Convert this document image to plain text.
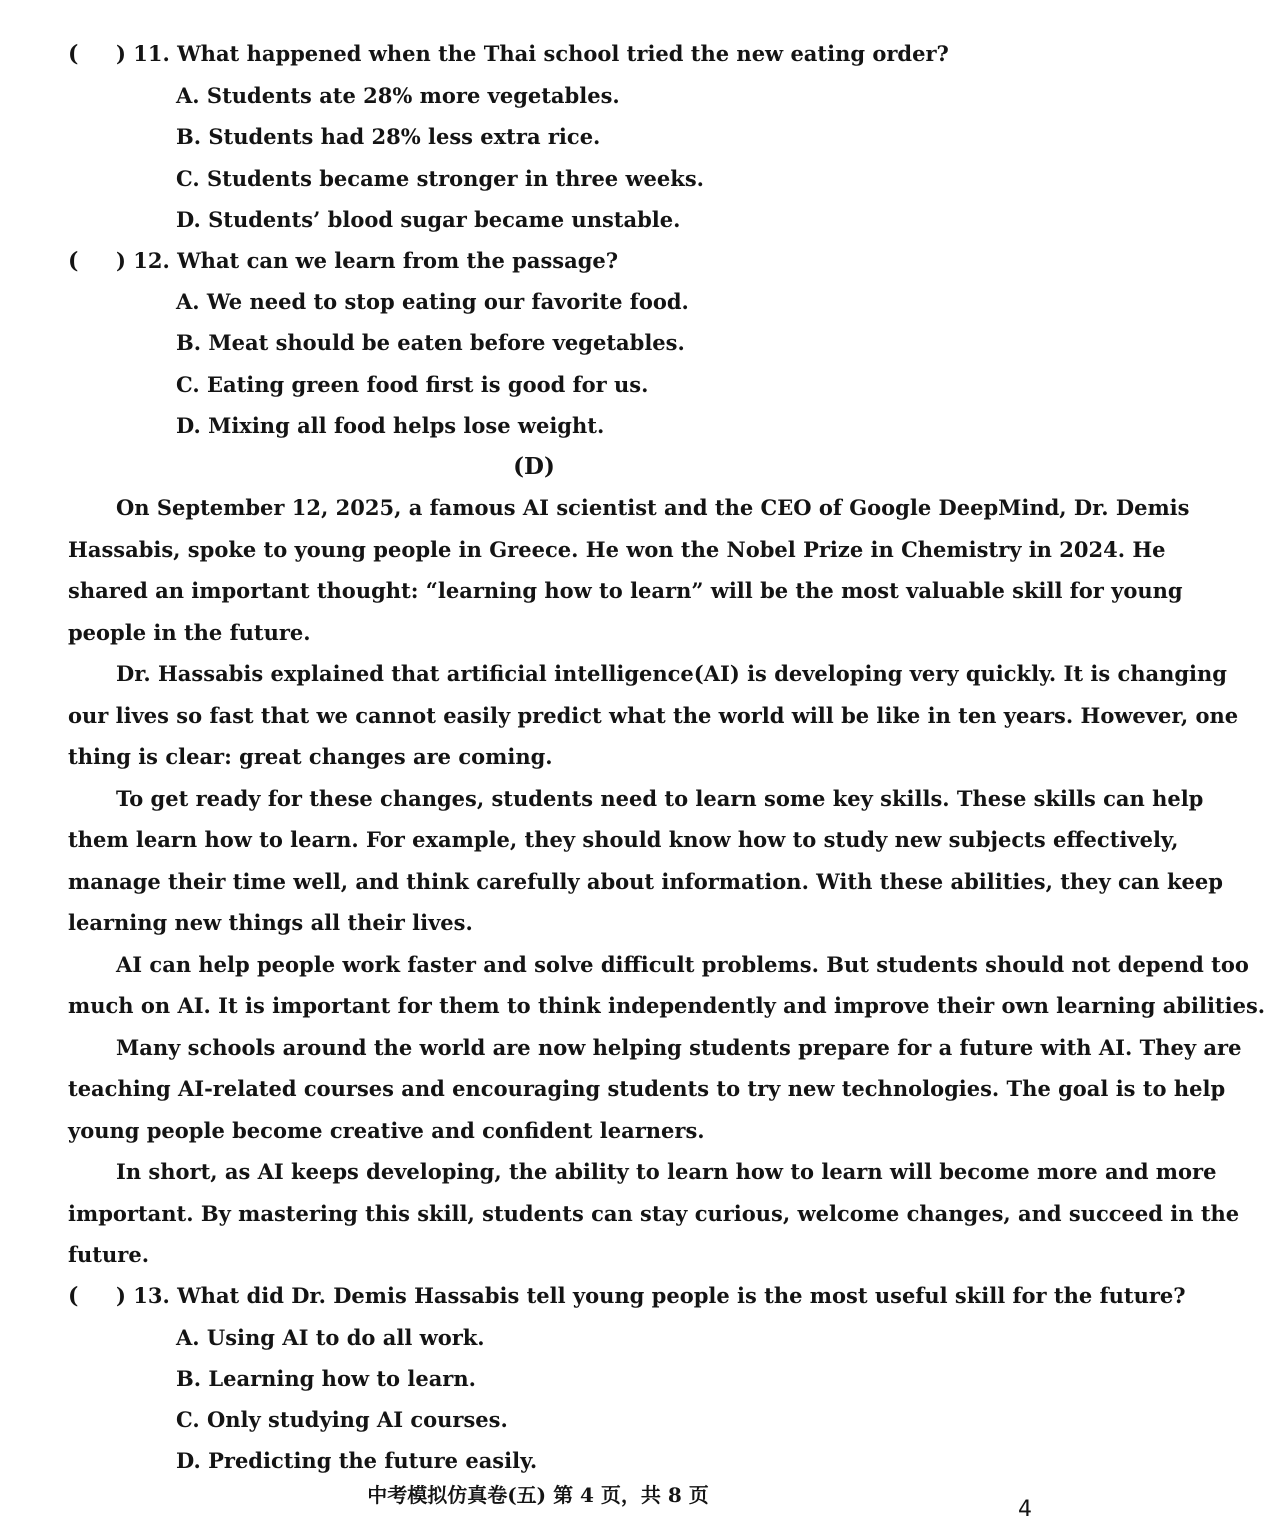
(	) 11. What happened when the Thai school tried the new eating order?
A. Students ate 28% more vegetables.
B. Students had 28% less extra rice.
C. Students became stronger in three weeks.
D. Students’ blood sugar became unstable.
(	) 12. What can we learn from the passage?
A. We need to stop eating our favorite food.
B. Meat should be eaten before vegetables.
C. Eating green food first is good for us.
D. Mixing all food helps lose weight.
(D)
On September 12, 2025, a famous AI scientist and the CEO of Google DeepMind, Dr. Demis
Hassabis, spoke to young people in Greece. He won the Nobel Prize in Chemistry in 2024. He
shared an important thought: “learning how to learn” will be the most valuable skill for young
people in the future.
Dr. Hassabis explained that artificial intelligence(AI) is developing very quickly. It is changing
our lives so fast that we cannot easily predict what the world will be like in ten years. However, one
thing is clear: great changes are coming.
To get ready for these changes, students need to learn some key skills. These skills can help
them learn how to learn. For example, they should know how to study new subjects effectively,
manage their time well, and think carefully about information. With these abilities, they can keep
learning new things all their lives.
AI can help people work faster and solve difficult problems. But students should not depend too
much on AI. It is important for them to think independently and improve their own learning abilities.
Many schools around the world are now helping students prepare for a future with AI. They are
teaching AI-related courses and encouraging students to try new technologies. The goal is to help
young people become creative and confident learners.
In short, as AI keeps developing, the ability to learn how to learn will become more and more
important. By mastering this skill, students can stay curious, welcome changes, and succeed in the
future.
(	) 13. What did Dr. Demis Hassabis tell young people is the most useful skill for the future?
A. Using AI to do all work.
B. Learning how to learn.
C. Only studying AI courses.
D. Predicting the future easily.
中考模拟仿真卷(五) 第 4 页，共 8 页
4
